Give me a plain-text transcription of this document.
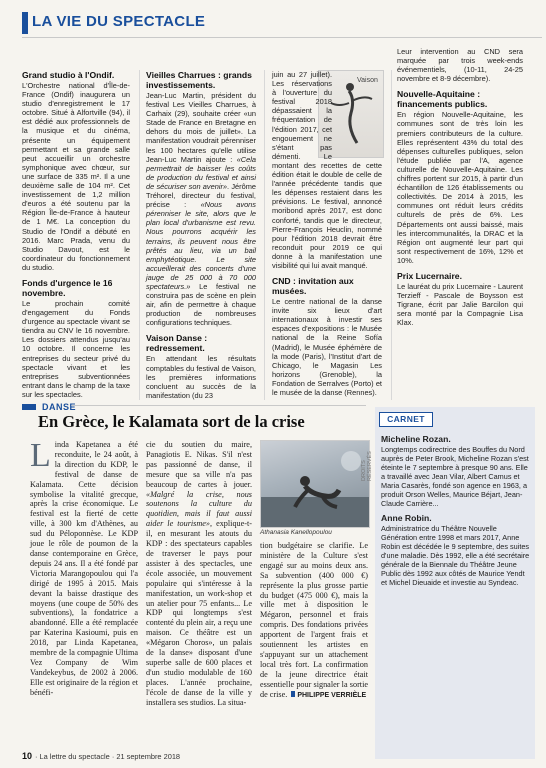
LA VIE DU SPECTACLE
Grand studio à l'Ondif.

L'Orchestre national d'Île-de-France (Ondif) inaugurera un studio d'enregistrement le 17 octobre. Situé à Alfortville (94), il est dédié aux professionnels de la musique et du cinéma, présente un équipement permettant et sa grande salle peut accueillir un orchestre symphonique avec chœur, sur une surface de 335 m². Il a une deuxième salle de 104 m². Cet investissement de 1,2 million d'euros a été soutenu par la Région Île-de-France à hauteur de 1 M€. La conception du Studio de l'Ondif a débuté en 2016. Marc Prada, venu du Studio Davout, est le coordinateur du fonctionnement du studio.

Fonds d'urgence le 16 novembre.

Le prochain comité d'engagement du Fonds d'urgence au spectacle vivant se tiendra au CNV le 16 novembre. Les dossiers attendus jusqu'au 10 octobre. Il concerne les entreprises du secteur privé du spectacle vivant et les entreprises subventionnées entrant dans le champ de la taxe sur les spectacles.

Vieilles Charrues : grands investissements.

Jean-Luc Martin, président du festival Les Vieilles Charrues, à Carhaix (29), souhaite créer «un Stade de France en Bretagne en dehors du mois de juillet». La manifestation voudrait pérenniser les 100 hectares qu'elle utilise Jean-Luc Martin ajoute : «Cela permettrait de baisser les coûts de production du festival et ainsi de sécuriser son avenir». Jérôme Tréhorel, directeur du festival, précise : «Nous avons pérenniser le site, alors que le plan local d'urbanisme est revu. Nous pourrons acquérir les terrains, ils peuvent nous être prêtés au lieu, via un bail emphytéotique. Le site accueillerait des concerts d'une jauge de 25 000 à 70 000 spectateurs.» Le festival ne construira pas de scène en plein air, afin de permettre à chaque production de nombreuses configurations techniques.

Vaison Danse : redressement.

En attendant les résultats comptables du festival de Vaison, les premières informations concluent au succès de la manifestation (du 23

Vaison

juin au 27 juillet). Les réservations à l'ouverture du festival 2018 dépassaient la fréquentation de l'édition 2017, cet engouement ne s'étant pas démenti. Le montant des recettes de cette édition était le double de celle de l'année précédente tandis que les dépenses restaient dans les prévisions. Le festival, annoncé moribond après 2017, est donc conforté, tandis que le directeur, Pierre-François Heuclin, nommé pour l'édition 2018 devrait être reconduit pour 2019 ce qui donne à la manifestation une visibilité qui lui avait manqué.

CND : invitation aux musées.

Le centre national de la danse invite six lieux d'art internationaux à investir ses espaces d'expositions : le Musée national de la Reine Sofía (Madrid), le Musée éphémère de la mode (Paris), l'Institut d'art de Chicago, le Magasin Les horizons (Grenoble), la Fondation de Serralves (Porto) et le musée de la danse (Rennes).

Leur intervention au CND sera marquée par trois week-ends événementiels, (10-11, 24-25 novembre et 8-9 décembre).

Nouvelle-Aquitaine : financements publics.

En région Nouvelle-Aquitaine, les communes sont de très loin les premiers contributeurs de la culture. Elles représentent 43% du total des dépenses culturelles publiques, selon l'étude publiée par l'A, agence culturelle de Nouvelle-Aquitaine. Les chiffres portent sur 2015, à partir d'un échantillon de 126 établissements ou collectivités. De 2014 à 2015, les communes ont réduit leurs crédits culturels de près de 6%. Les Départements ont aussi baissé, mais les intercommunalités, la DRAC et la Région ont augmenté leur part qui sont respectivement de 16%, 12% et 10%.

Prix Lucernaire.

Le lauréat du prix Lucernaire - Laurent Terzieff - Pascale de Boysson est Tigrane, écrit par Jalie Barcilon qui sera monté par la Compagnie Lisa Klax.

DANSE
En Grèce, le Kalamata sort de la crise
Linda Kapetanea a été reconduite, le 24 août, à la direction du KDP, le festival de danse de Kalamata. Cette décision symbolise la vitalité grecque, après la crise économique. Le festival est la fierté de cette ville, à 300 km d'Athènes, au sud du Péloponnèse. Le KDP joue le rôle de poumon de la danse contemporaine en Grèce, depuis 24 ans. Il a été fondé par Victoria Marangopoulou qui l'a dirigé de 1995 à 2015. Mais devant la baisse drastique des moyens (une coupe de 50% des subventions), la fondatrice a abandonné. Elle a été remplacée par Katerina Kasioumi, puis en 2018, par Linda Kapetanea, membre de la compagnie Ultima Vez Company de Wim Vandekeybus, de 2002 à 2006. Elle est originaire de la région et bénéfi-
cie du soutien du maire, Panagiotis E. Nikas. S'il n'est pas passionné de danse, il mesure que sa ville n'a pas beaucoup de cartes à jouer. «Malgré la crise, nous soutenons la culture du quotidien, mais il faut aussi aider le tourisme», explique-t-il, en mesurant les atouts du KDP : des spectateurs capables de traverser le pays pour assister à des spectacles, une école associée, un mouvement populaire qui s'intéresse à la manifestation, un work-shop et un atelier pour 75 enfants... Le KDP qui longtemps s'est contenté du plein air, a reçu une maison. Ce théâtre est un «Mégaron Choros», un palais de la danse» disposant d'une superbe salle de 600 places et d'un studio modulable de 160 places. L'année prochaine, l'école de danse de la ville y installera ses studios. La situa-
DROITS RÉSERVÉS
Athanasia Kanellopoulou
tion budgétaire se clarifie. Le ministère de la Culture s'est engagé sur au moins deux ans. Sa subvention (400 000 €) représente la plus grosse partie du budget (475 000 €), mais la ville met à disposition le Mégaron, personnel et frais compris. Des fondations privées apportent de l'argent frais et soutiennent les artistes en s'appuyant sur un attachement local très fort. La confirmation de la jeune directrice était essentielle pour signaler la sortie de crise. PHILIPPE VERRIÈLE
CARNET
Micheline Rozan.
Longtemps codirectrice des Bouffes du Nord auprès de Peter Brook, Micheline Rozan s'est éteinte le 7 septembre à presque 90 ans. Elle a travaillé avec Jean Vilar, Albert Camus et Maria Casarès, fondé son agence en 1963, a produit Orson Welles, Maurice Béjart, Jean-Claude Carrière...
Anne Robin.
Administratrice du Théâtre Nouvelle Génération entre 1998 et mars 2017, Anne Robin est décédée le 9 septembre, des suites d'une maladie. Dès 1992, elle a été secrétaire générale de la Biennale du Théâtre Jeune Public dès 1992 aux côtés de Maurice Yendt et Michel Dieuaide et investie au Syndeac.
10 · La lettre du spectacle · 21 septembre 2018
